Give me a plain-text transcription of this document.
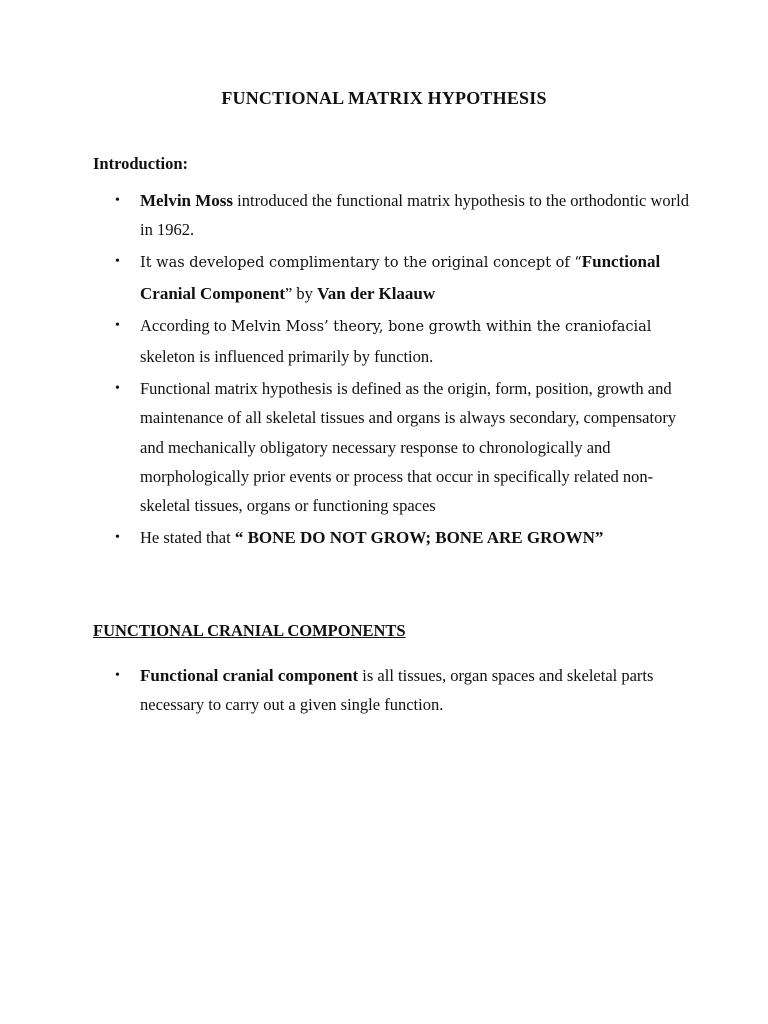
FUNCTIONAL MATRIX HYPOTHESIS
Introduction:
• Melvin Moss introduced the functional matrix hypothesis to the orthodontic world in 1962.
• It was developed complimentary to the original concept of “Functional Cranial Component” by Van der Klaauw
• According to Melvin Moss’ theory, bone growth within the craniofacial skeleton is influenced primarily by function.
• Functional matrix hypothesis is defined as the origin, form, position, growth and maintenance of all skeletal tissues and organs is always secondary, compensatory and mechanically obligatory necessary response to chronologically and morphologically prior events or process that occur in specifically related non-skeletal tissues, organs or functioning spaces
• He stated that “ BONE DO NOT GROW; BONE ARE GROWN”
FUNCTIONAL CRANIAL COMPONENTS
• Functional cranial component is all tissues, organ spaces and skeletal parts necessary to carry out a given single function.
